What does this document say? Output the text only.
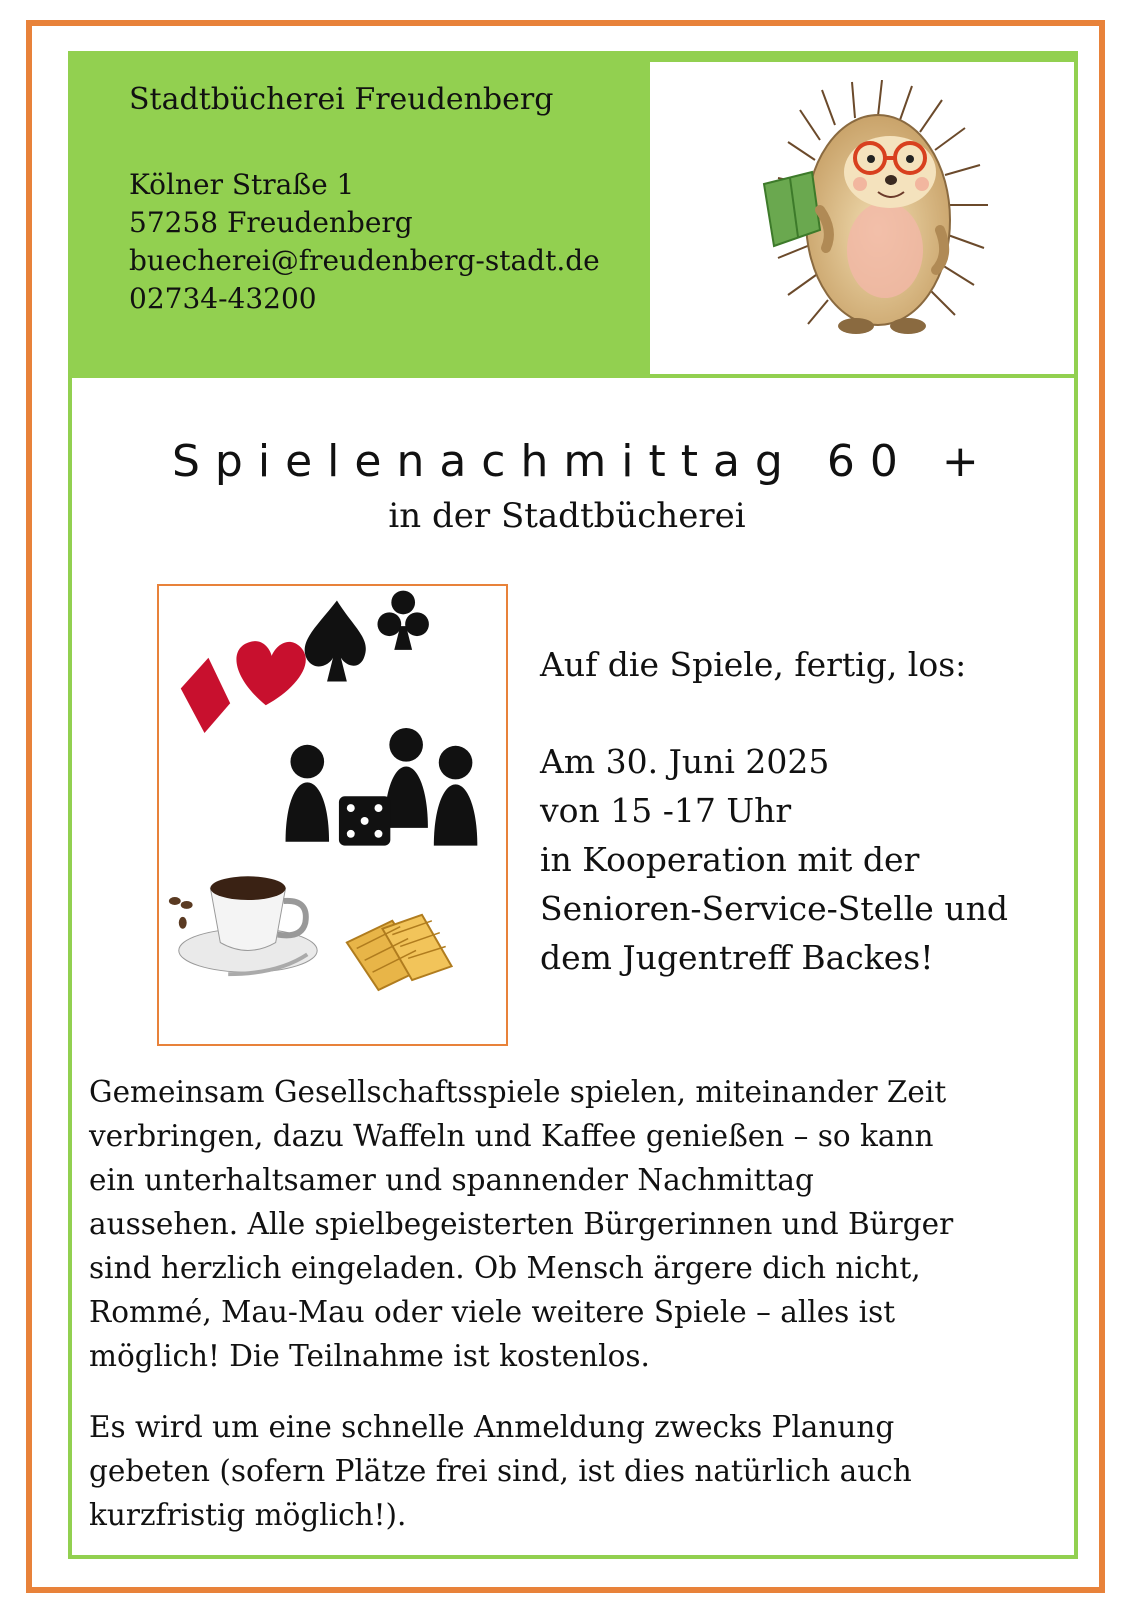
Stadtbücherei Freudenberg
Kölner Straße 1
57258 Freudenberg
buecherei@freudenberg-stadt.de
02734-43200
Spielenachmittag 60 +
in der Stadtbücherei
Auf die Spiele, fertig, los:
Am 30. Juni 2025
von 15 -17 Uhr
in Kooperation mit der
Senioren-Service-Stelle und
dem Jugentreff Backes!
Gemeinsam Gesellschaftsspiele spielen, miteinander Zeit
verbringen, dazu Waffeln und Kaffee genießen – so kann
ein unterhaltsamer und spannender Nachmittag
aussehen. Alle spielbegeisterten Bürgerinnen und Bürger
sind herzlich eingeladen. Ob Mensch ärgere dich nicht,
Rommé, Mau-Mau oder viele weitere Spiele – alles ist
möglich! Die Teilnahme ist kostenlos.
Es wird um eine schnelle Anmeldung zwecks Planung
gebeten (sofern Plätze frei sind, ist dies natürlich auch
kurzfristig möglich!).
